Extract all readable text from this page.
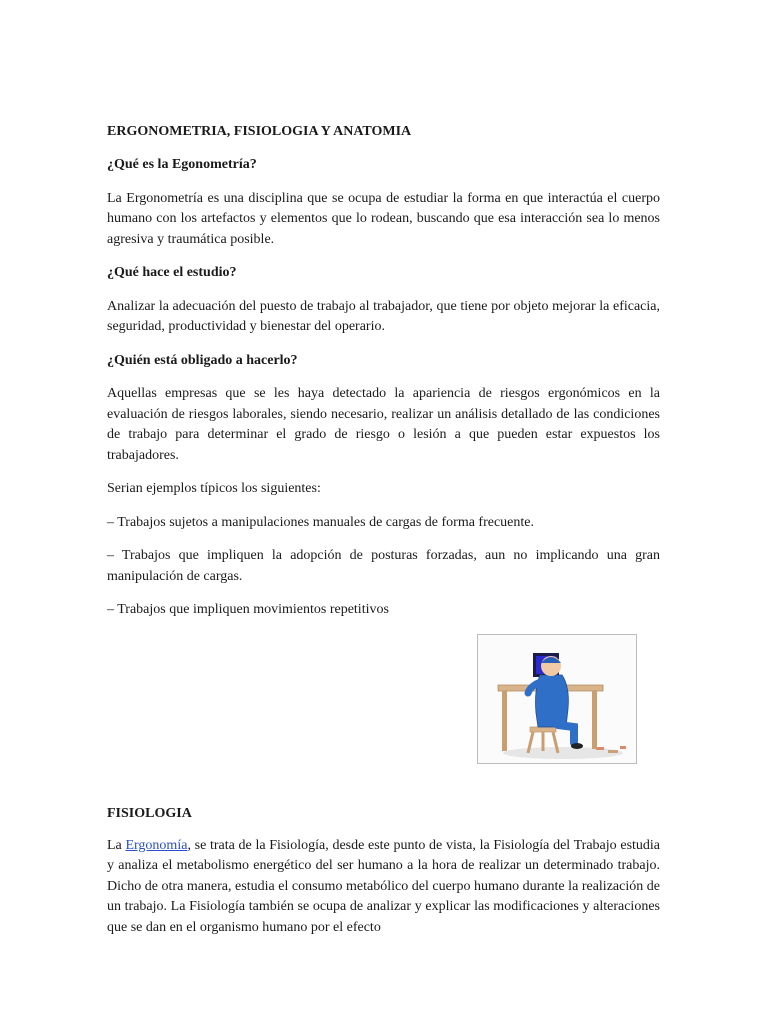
ERGONOMETRIA, FISIOLOGIA Y ANATOMIA

¿Qué es la Egonometría?

La Ergonometría es una disciplina que se ocupa de estudiar la forma en que interactúa el cuerpo humano con los artefactos y elementos que lo rodean, buscando que esa interacción sea lo menos agresiva y traumática posible.

¿Qué hace el estudio?

Analizar la adecuación del puesto de trabajo al trabajador, que tiene por objeto mejorar la eficacia, seguridad, productividad y bienestar del operario.

¿Quién está obligado a hacerlo?

Aquellas empresas que se les haya detectado la apariencia de riesgos ergonómicos en la evaluación de riesgos laborales, siendo necesario, realizar un análisis detallado de las condiciones de trabajo para determinar el grado de riesgo o lesión a que pueden estar expuestos los trabajadores.

Serian ejemplos típicos los siguientes:

– Trabajos sujetos a manipulaciones manuales de cargas de forma frecuente.

– Trabajos que impliquen la adopción de posturas forzadas, aun no implicando una gran manipulación de cargas.

– Trabajos que impliquen movimientos repetitivos

FISIOLOGIA

La Ergonomía, se trata de la Fisiología, desde este punto de vista, la Fisiología del Trabajo estudia y analiza el metabolismo energético del ser humano a la hora de realizar un determinado trabajo. Dicho de otra manera, estudia el consumo metabólico del cuerpo humano durante la realización de un trabajo. La Fisiología también se ocupa de analizar y explicar las modificaciones y alteraciones que se dan en el organismo humano por el efecto
